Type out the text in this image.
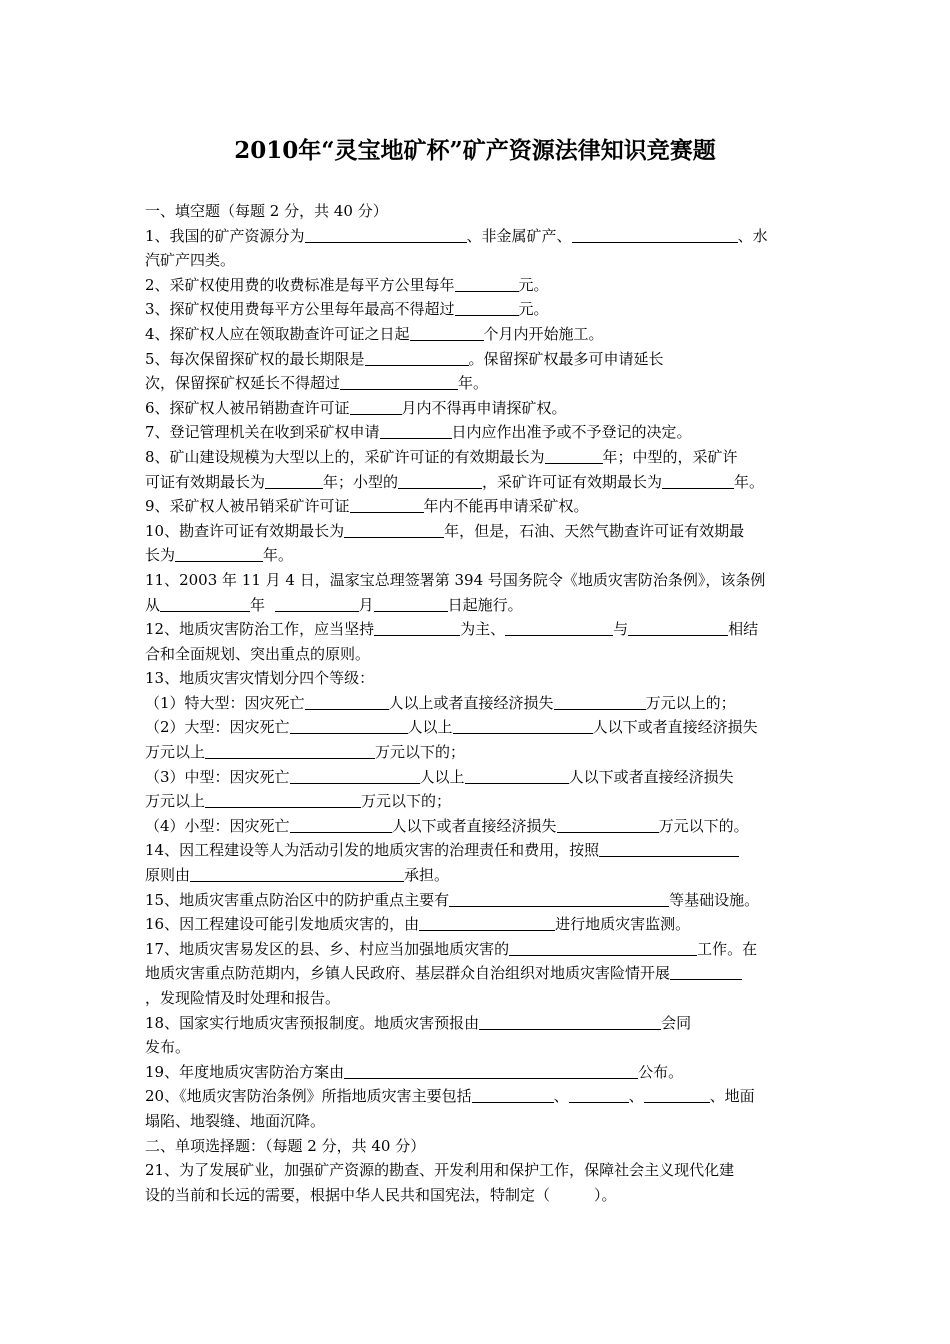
2010年“灵宝地矿杯”矿产资源法律知识竞赛题
一、填空题（每题 2 分，共 40 分）
1、我国的矿产资源分为	、非金属矿产、	、水
汽矿产四类。
2、采矿权使用费的收费标准是每平方公里每年	元。
3、探矿权使用费每平方公里每年最高不得超过	元。
4、探矿权人应在领取勘查许可证之日起	个月内开始施工。
5、每次保留探矿权的最长期限是	。保留探矿权最多可申请延长
次，保留探矿权延长不得超过	年。
6、探矿权人被吊销勘查许可证	月内不得再申请探矿权。
7、登记管理机关在收到采矿权申请	日内应作出准予或不予登记的决定。
8、矿山建设规模为大型以上的，采矿许可证的有效期最长为	年；中型的，采矿许
可证有效期最长为	年；小型的	，采矿许可证有效期最长为	年。
9、采矿权人被吊销采矿许可证	年内不能再申请采矿权。
10、勘查许可证有效期最长为	年，但是，石油、天然气勘查许可证有效期最
长为	年。
11、2003 年 11 月 4 日，温家宝总理签署第 394 号国务院令《地质灾害防治条例》，该条例
从	年	月	日起施行。
12、地质灾害防治工作，应当坚持	为主、	与	相结
合和全面规划、突出重点的原则。
13、地质灾害灾情划分四个等级：
（1）特大型：因灾死亡	人以上或者直接经济损失	万元以上的；
（2）大型：因灾死亡	人以上	人以下或者直接经济损失
万元以上	万元以下的；
（3）中型：因灾死亡	人以上	人以下或者直接经济损失
万元以上	万元以下的；
（4）小型：因灾死亡	人以下或者直接经济损失	万元以下的。
14、因工程建设等人为活动引发的地质灾害的治理责任和费用，按照
原则由	承担。
15、地质灾害重点防治区中的防护重点主要有	等基础设施。
16、因工程建设可能引发地质灾害的，由	进行地质灾害监测。
17、地质灾害易发区的县、乡、村应当加强地质灾害的	工作。在
地质灾害重点防范期内，乡镇人民政府、基层群众自治组织对地质灾害险情开展
，发现险情及时处理和报告。
18、国家实行地质灾害预报制度。地质灾害预报由	会同
发布。
19、年度地质灾害防治方案由	公布。
20、《地质灾害防治条例》所指地质灾害主要包括	、	、	、地面
塌陷、地裂缝、地面沉降。
二、单项选择题：（每题 2 分，共 40 分）
21、为了发展矿业，加强矿产资源的勘查、开发利用和保护工作，保障社会主义现代化建
设的当前和长远的需要，根据中华人民共和国宪法，特制定（	）。
